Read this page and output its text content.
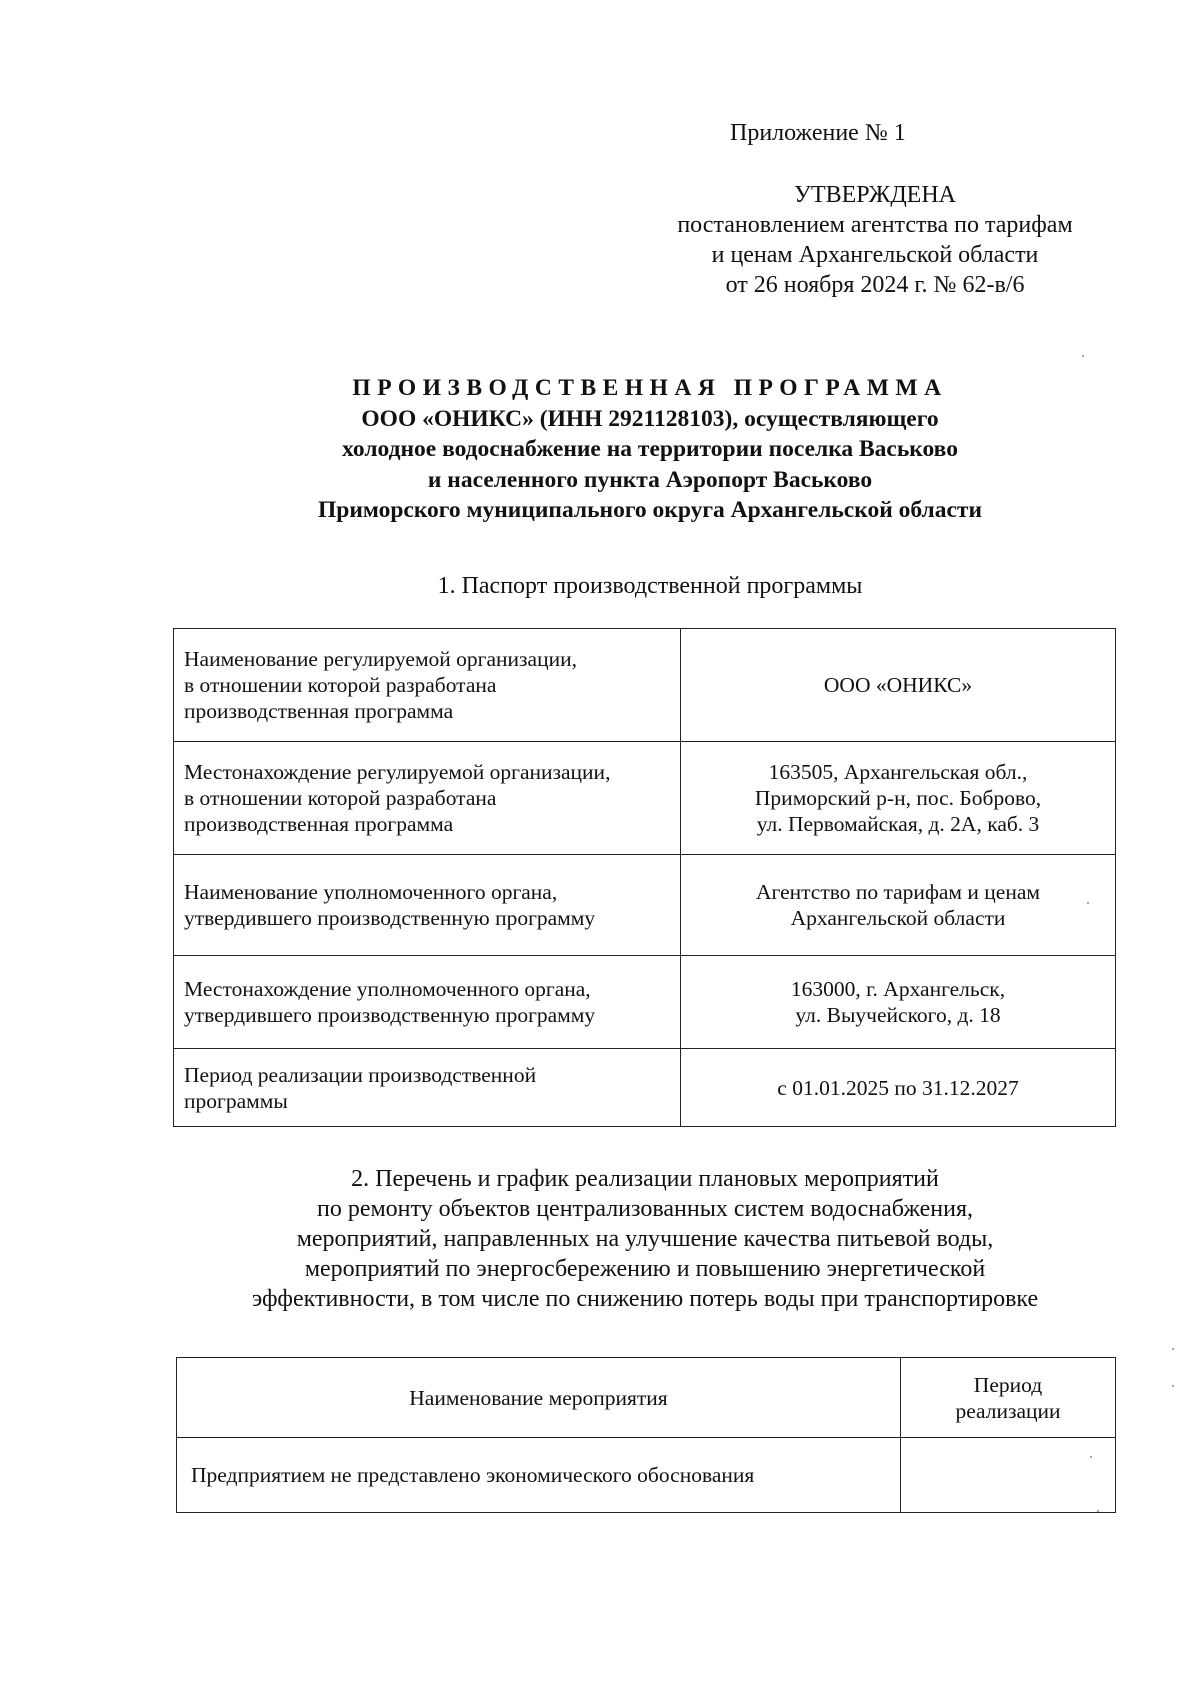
Приложение № 1
УТВЕРЖДЕНА
постановлением агентства по тарифам
и ценам Архангельской области
от 26 ноября 2024 г. № 62-в/6
ПРОИЗВОДСТВЕННАЯ ПРОГРАММА
ООО «ОНИКС» (ИНН 2921128103), осуществляющего
холодное водоснабжение на территории поселка Васьково
и населенного пункта Аэропорт Васьково
Приморского муниципального округа Архангельской области
1. Паспорт производственной программы
Наименование регулируемой организации,
в отношении которой разработана
производственная программа	ООО «ОНИКС»
Местонахождение регулируемой организации,
в отношении которой разработана
производственная программа	163505, Архангельская обл.,
Приморский р-н, пос. Боброво,
ул. Первомайская, д. 2А, каб. 3
Наименование уполномоченного органа,
утвердившего производственную программу	Агентство по тарифам и ценам
Архангельской области
Местонахождение уполномоченного органа,
утвердившего производственную программу	163000, г. Архангельск,
ул. Выучейского, д. 18
Период реализации производственной
программы	с 01.01.2025 по 31.12.2027
2. Перечень и график реализации плановых мероприятий
по ремонту объектов централизованных систем водоснабжения,
мероприятий, направленных на улучшение качества питьевой воды,
мероприятий по энергосбережению и повышению энергетической
эффективности, в том числе по снижению потерь воды при транспортировке
Наименование мероприятия	Период
реализации
Предприятием не представлено экономического обоснования	
